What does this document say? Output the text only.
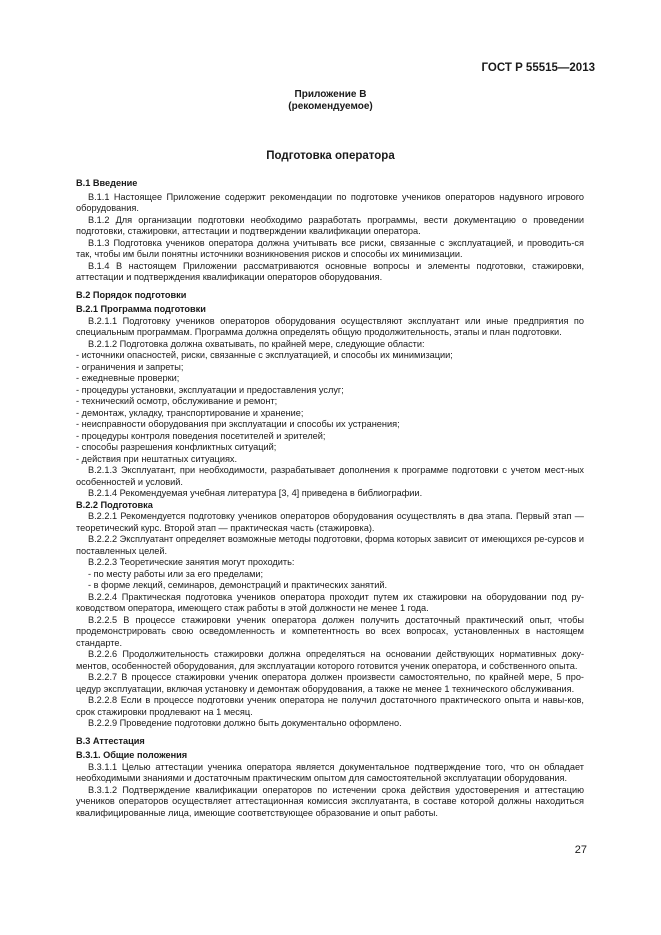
ГОСТ Р 55515—2013
Приложение В
(рекомендуемое)
Подготовка оператора

В.1 Введение

В.1.1 Настоящее Приложение содержит рекомендации по подготовке учеников операторов надувного игрового оборудования.

В.1.2 Для организации подготовки необходимо разработать программы, вести документацию о проведении подготовки, стажировки, аттестации и подтверждении квалификации оператора.

В.1.3 Подготовка учеников оператора должна учитывать все риски, связанные с эксплуатацией, и проводить-ся так, чтобы им были понятны источники возникновения рисков и способы их минимизации.

В.1.4 В настоящем Приложении рассматриваются основные вопросы и элементы подготовки, стажировки, аттестации и подтверждения квалификации операторов оборудования.

В.2 Порядок подготовки

В.2.1 Программа подготовки

В.2.1.1 Подготовку учеников операторов оборудования осуществляют эксплуатант или иные предприятия по специальным программам. Программа должна определять общую продолжительность, этапы и план подготовки.

В.2.1.2 Подготовка должна охватывать, по крайней мере, следующие области:

- источники опасностей, риски, связанные с эксплуатацией, и способы их минимизации;

- ограничения и запреты;

- ежедневные проверки;

- процедуры установки, эксплуатации и предоставления услуг;

- технический осмотр, обслуживание и ремонт;

- демонтаж, укладку, транспортирование и хранение;

- неисправности оборудования при эксплуатации и способы их устранения;

- процедуры контроля поведения посетителей и зрителей;

- способы разрешения конфликтных ситуаций;

- действия при нештатных ситуациях.

В.2.1.3 Эксплуатант, при необходимости, разрабатывает дополнения к программе подготовки с учетом мест-ных особенностей и условий.

В.2.1.4 Рекомендуемая учебная литература [3, 4] приведена в библиографии.

В.2.2 Подготовка

В.2.2.1 Рекомендуется подготовку учеников операторов оборудования осуществлять в два этапа. Первый этап — теоретический курс. Второй этап — практическая часть (стажировка).

В.2.2.2 Эксплуатант определяет возможные методы подготовки, форма которых зависит от имеющихся ре-сурсов и поставленных целей.

В.2.2.3 Теоретические занятия могут проходить:

- по месту работы или за его пределами;

- в форме лекций, семинаров, демонстраций и практических занятий.

В.2.2.4 Практическая подготовка учеников оператора проходит путем их стажировки на оборудовании под ру-ководством оператора, имеющего стаж работы в этой должности не менее 1 года.

В.2.2.5 В процессе стажировки ученик оператора должен получить достаточный практический опыт, чтобы продемонстрировать свою осведомленность и компетентность во всех вопросах, установленных в настоящем стандарте.

В.2.2.6 Продолжительность стажировки должна определяться на основании действующих нормативных доку-ментов, особенностей оборудования, для эксплуатации которого готовится ученик оператора, и собственного опыта.

В.2.2.7 В процессе стажировки ученик оператора должен произвести самостоятельно, по крайней мере, 5 про-цедур эксплуатации, включая установку и демонтаж оборудования, а также не менее 1 технического обслуживания.

В.2.2.8 Если в процессе подготовки ученик оператора не получил достаточного практического опыта и навы-ков, срок стажировки продлевают на 1 месяц.

В.2.2.9 Проведение подготовки должно быть документально оформлено.

В.3 Аттестация

В.3.1. Общие положения

В.3.1.1 Целью аттестации ученика оператора является документальное подтверждение того, что он обладает необходимыми знаниями и достаточным практическим опытом для самостоятельной эксплуатации оборудования.

В.3.1.2 Подтверждение квалификации операторов по истечении срока действия удостоверения и аттестацию учеников операторов осуществляет аттестационная комиссия эксплуатанта, в составе которой должны находиться квалифицированные лица, имеющие соответствующее образование и опыт работы.

27
